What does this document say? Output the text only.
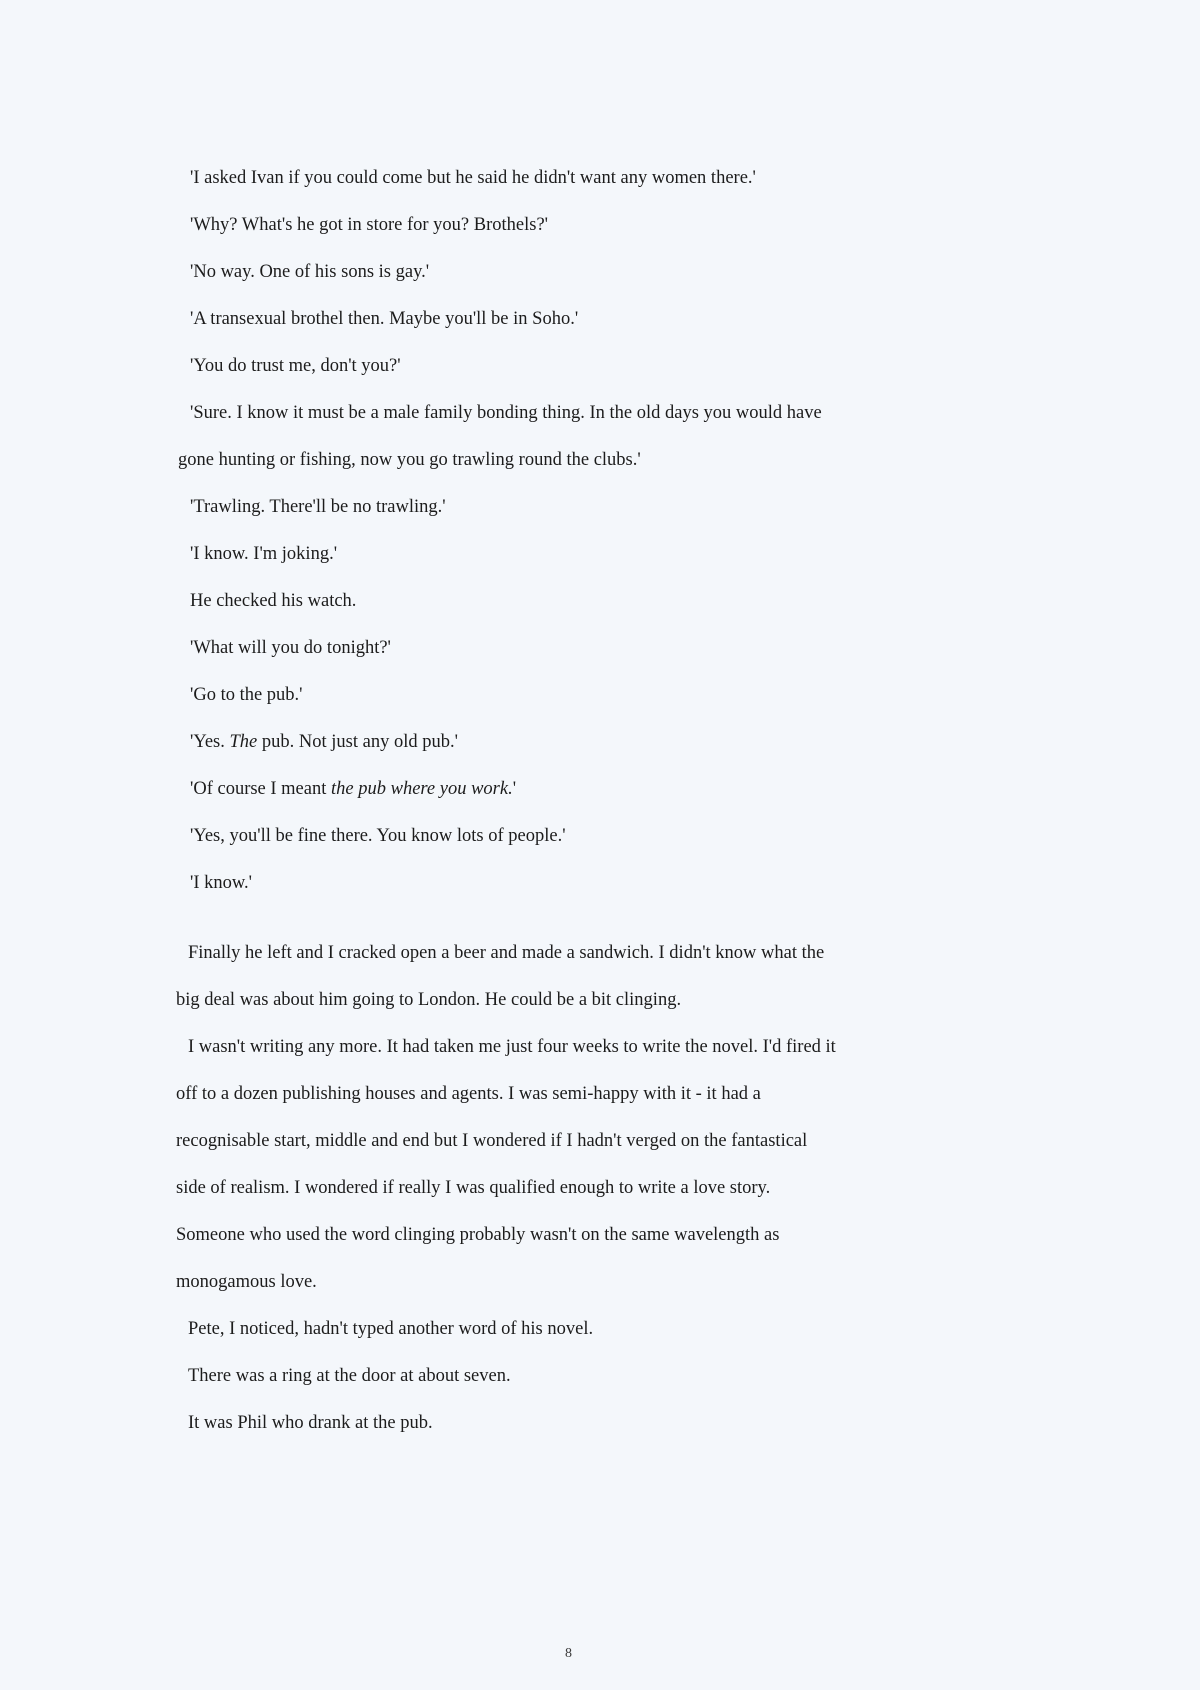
'I asked Ivan if you could come but he said he didn't want any women there.'
'Why? What's he got in store for you? Brothels?'
'No way. One of his sons is gay.'
'A transexual brothel then. Maybe you'll be in Soho.'
'You do trust me, don't you?'
'Sure. I know it must be a male family bonding thing. In the old days you would have
gone hunting or fishing, now you go trawling round the clubs.'
'Trawling. There'll be no trawling.'
'I know. I'm joking.'
He checked his watch.
'What will you do tonight?'
'Go to the pub.'
'Yes. The pub. Not just any old pub.'
'Of course I meant the pub where you work.'
'Yes, you'll be fine there. You know lots of people.'
'I know.'
Finally he left and I cracked open a beer and made a sandwich. I didn't know what the
big deal was about him going to London. He could be a bit clinging.
I wasn't writing any more. It had taken me just four weeks to write the novel. I'd fired it
off to a dozen publishing houses and agents. I was semi-happy with it - it had a
recognisable start, middle and end but I wondered if I hadn't verged on the fantastical
side of realism. I wondered if really I was qualified enough to write a love story.
Someone who used the word clinging probably wasn't on the same wavelength as
monogamous love.
Pete, I noticed, hadn't typed another word of his novel.
There was a ring at the door at about seven.
It was Phil who drank at the pub.
8
